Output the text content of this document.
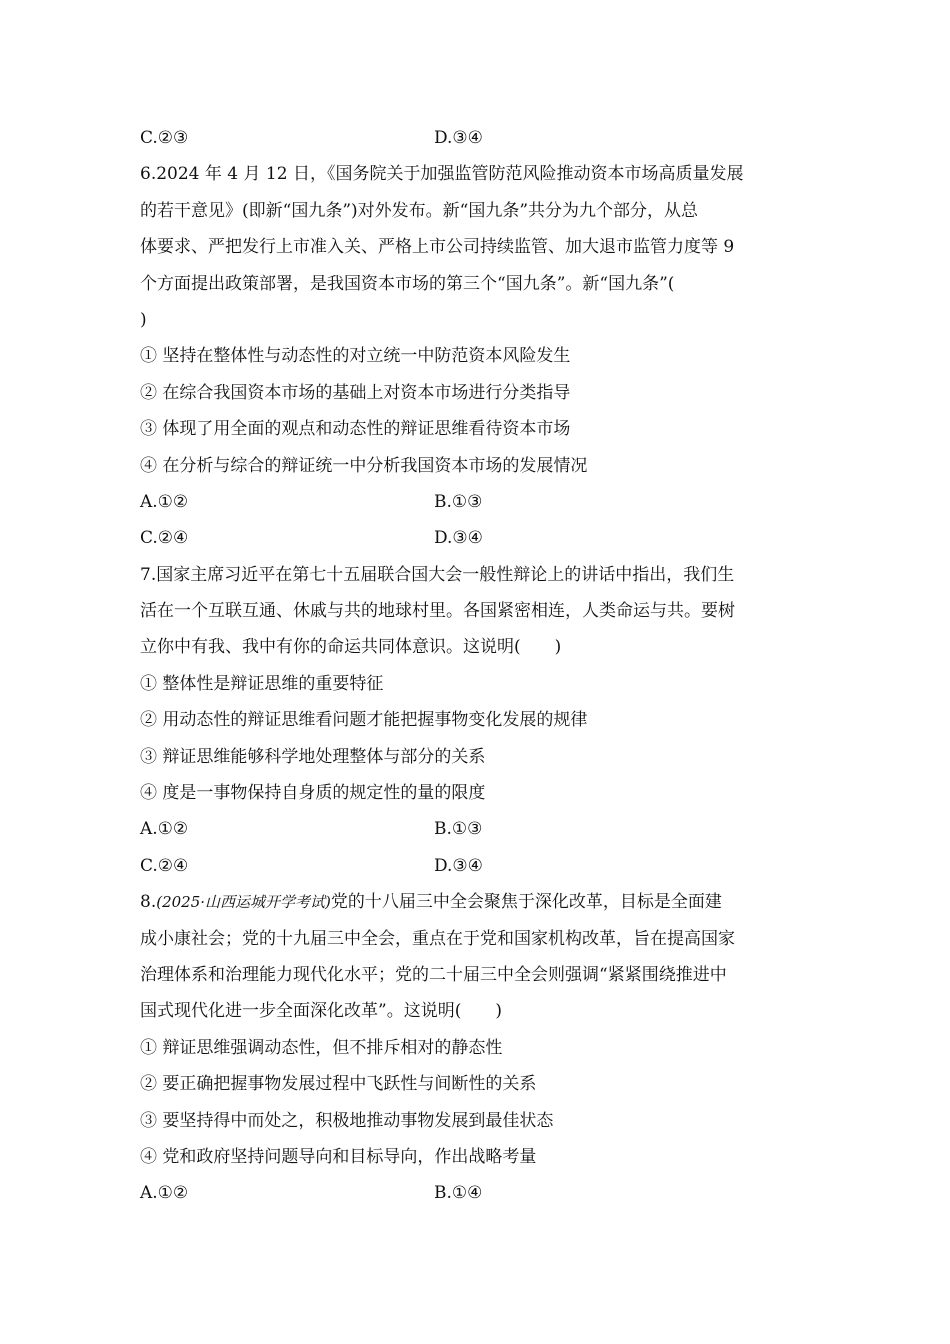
C.②③	D.③④
6.2024 年 4 月 12 日，《国务院关于加强监管防范风险推动资本市场高质量发展
的若干意见》(即新“国九条”)对外发布。新“国九条”共分为九个部分，从总
体要求、严把发行上市准入关、严格上市公司持续监管、加大退市监管力度等 9
个方面提出政策部署，是我国资本市场的第三个“国九条”。新“国九条”(
)
① 坚持在整体性与动态性的对立统一中防范资本风险发生
② 在综合我国资本市场的基础上对资本市场进行分类指导
③ 体现了用全面的观点和动态性的辩证思维看待资本市场
④ 在分析与综合的辩证统一中分析我国资本市场的发展情况
A.①②	B.①③
C.②④	D.③④
7.国家主席习近平在第七十五届联合国大会一般性辩论上的讲话中指出，我们生
活在一个互联互通、休戚与共的地球村里。各国紧密相连，人类命运与共。要树
立你中有我、我中有你的命运共同体意识。这说明(　　)
① 整体性是辩证思维的重要特征
② 用动态性的辩证思维看问题才能把握事物变化发展的规律
③ 辩证思维能够科学地处理整体与部分的关系
④ 度是一事物保持自身质的规定性的量的限度
A.①②	B.①③
C.②④	D.③④
8.(2025·山西运城开学考试)党的十八届三中全会聚焦于深化改革，目标是全面建
成小康社会；党的十九届三中全会，重点在于党和国家机构改革，旨在提高国家
治理体系和治理能力现代化水平；党的二十届三中全会则强调“紧紧围绕推进中
国式现代化进一步全面深化改革”。这说明(　　)
① 辩证思维强调动态性，但不排斥相对的静态性
② 要正确把握事物发展过程中飞跃性与间断性的关系
③ 要坚持得中而处之，积极地推动事物发展到最佳状态
④ 党和政府坚持问题导向和目标导向，作出战略考量
A.①②	B.①④
